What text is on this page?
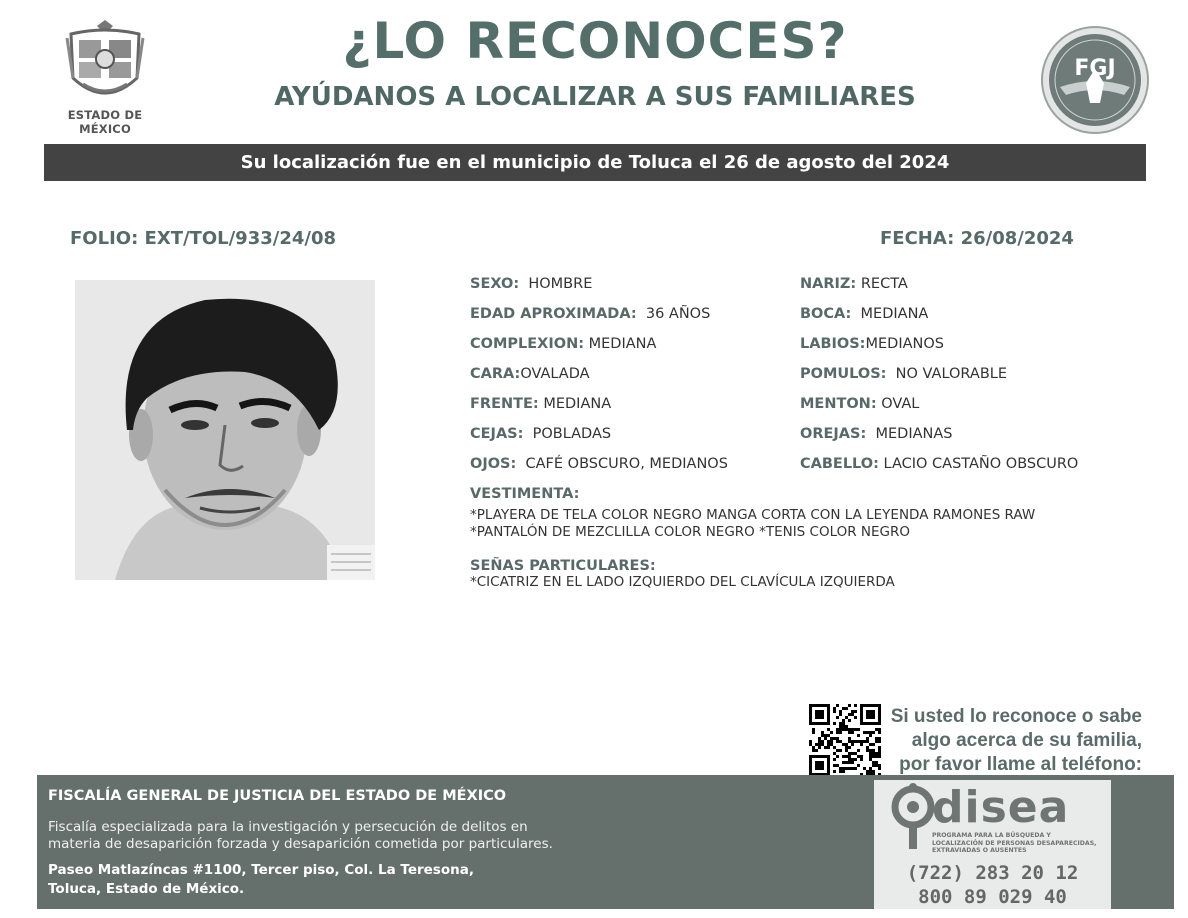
ESTADO DE MÉXICO
¿LO RECONOCES?
AYÚDANOS A LOCALIZAR A SUS FAMILIARES
FGJ
Su localización fue en el municipio de Toluca el 26 de agosto del 2024
FOLIO: EXT/TOL/933/24/08	FECHA: 26/08/2024
SEXO: HOMBRE
EDAD APROXIMADA: 36 AÑOS
COMPLEXION: MEDIANA
CARA:OVALADA
FRENTE: MEDIANA
CEJAS: POBLADAS
OJOS: CAFÉ OBSCURO, MEDIANOS
NARIZ: RECTA
BOCA: MEDIANA
LABIOS:MEDIANOS
POMULOS: NO VALORABLE
MENTON: OVAL
OREJAS: MEDIANAS
CABELLO: LACIO CASTAÑO OBSCURO
VESTIMENTA:
*PLAYERA DE TELA COLOR NEGRO MANGA CORTA CON LA LEYENDA RAMONES RAW
*PANTALÓN DE MEZCLILLA COLOR NEGRO *TENIS COLOR NEGRO
SEÑAS PARTICULARES:
*CICATRIZ EN EL LADO IZQUIERDO DEL CLAVÍCULA IZQUIERDA
Si usted lo reconoce o sabe
algo acerca de su familia,
por favor llame al teléfono:
FISCALÍA GENERAL DE JUSTICIA DEL ESTADO DE MÉXICO
Fiscalía especializada para la investigación y persecución de delitos en
materia de desaparición forzada y desaparición cometida por particulares.
Paseo Matlazíncas #1100, Tercer piso, Col. La Teresona,
Toluca, Estado de México.
disea
PROGRAMA PARA LA BÚSQUEDA Y LOCALIZACIÓN DE PERSONAS DESAPARECIDAS, EXTRAVIADAS O AUSENTES
(722) 283 20 12
800 89 029 40
